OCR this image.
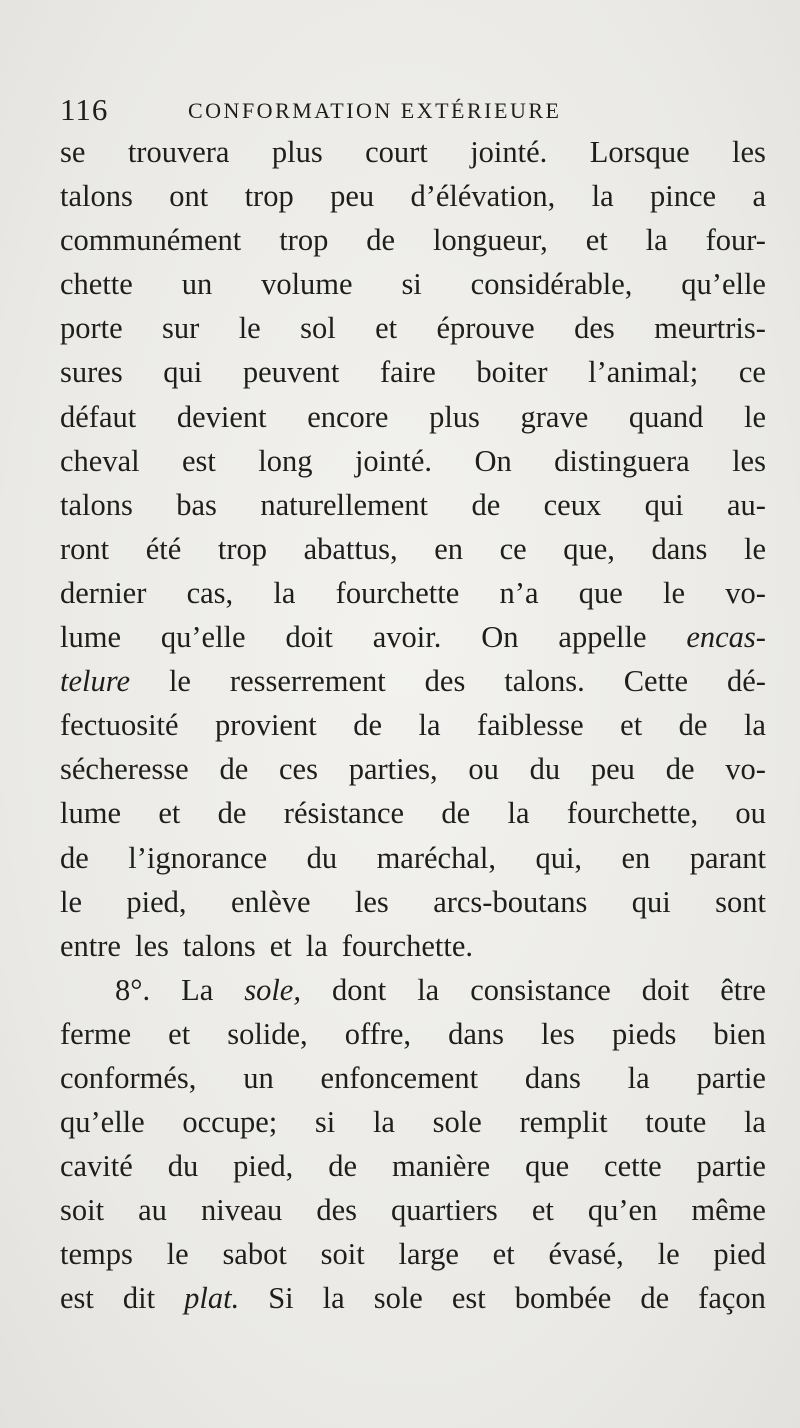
116	CONFORMATION EXTÉRIEURE
se trouvera plus court jointé. Lorsque les
talons ont trop peu d’élévation, la pince a
communément trop de longueur, et la four-
chette un volume si considérable, qu’elle
porte sur le sol et éprouve des meurtris-
sures qui peuvent faire boiter l’animal; ce
défaut devient encore plus grave quand le
cheval est long jointé. On distinguera les
talons bas naturellement de ceux qui au-
ront été trop abattus, en ce que, dans le
dernier cas, la fourchette n’a que le vo-
lume qu’elle doit avoir. On appelle encas-
telure le resserrement des talons. Cette dé-
fectuosité provient de la faiblesse et de la
sécheresse de ces parties, ou du peu de vo-
lume et de résistance de la fourchette, ou
de l’ignorance du maréchal, qui, en parant
le pied, enlève les arcs-boutans qui sont
entre les talons et la fourchette.
8°. La sole, dont la consistance doit être
ferme et solide, offre, dans les pieds bien
conformés, un enfoncement dans la partie
qu’elle occupe; si la sole remplit toute la
cavité du pied, de manière que cette partie
soit au niveau des quartiers et qu’en même
temps le sabot soit large et évasé, le pied
est dit plat. Si la sole est bombée de façon
